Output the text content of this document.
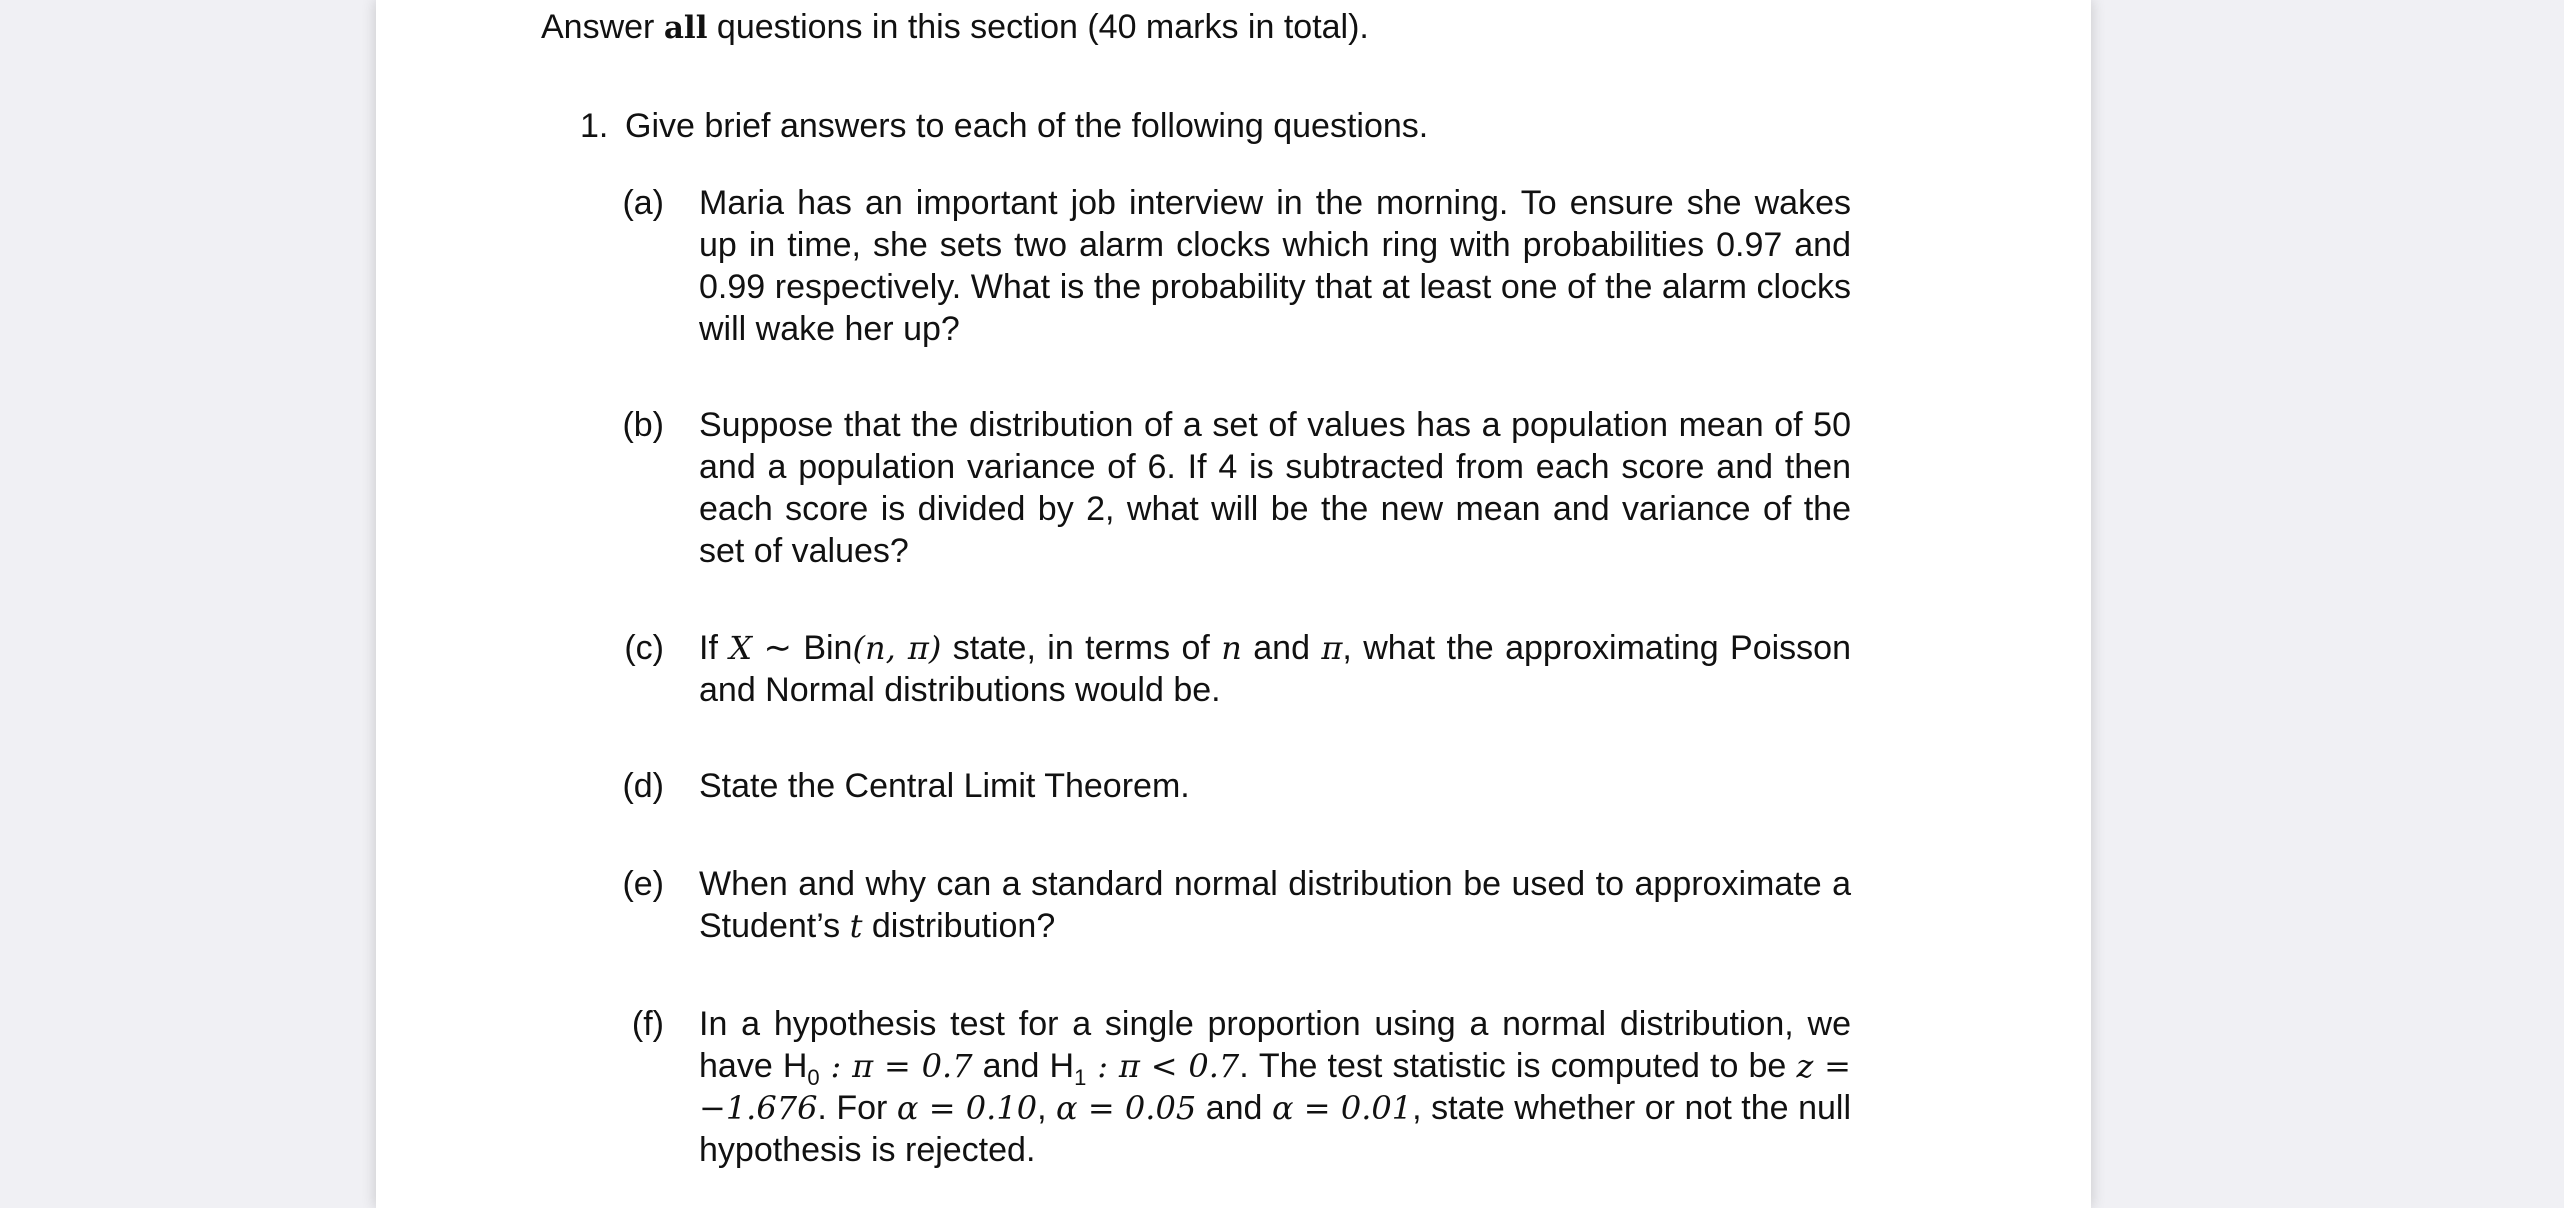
Answer all questions in this section (40 marks in total).

1. Give brief answers to each of the following questions.
(a) Maria has an important job interview in the morning. To ensure she wakes up in time, she sets two alarm clocks which ring with probabilities 0.97 and 0.99 respectively. What is the probability that at least one of the alarm clocks will wake her up?
(b) Suppose that the distribution of a set of values has a population mean of 50 and a population variance of 6. If 4 is subtracted from each score and then each score is divided by 2, what will be the new mean and variance of the set of values?
(c) If X ∼ Bin(n, π) state, in terms of n and π, what the approximating Poisson and Normal distributions would be.
(d) State the Central Limit Theorem.
(e) When and why can a standard normal distribution be used to approximate a Student’s t distribution?
(f) In a hypothesis test for a single proportion using a normal distribution, we have $H_0$ : π = 0.7 and $H_1$ : π < 0.7. The test statistic is computed to be z = −1.676. For α = 0.10, α = 0.05 and α = 0.01, state whether or not the null hypothesis is rejected.
